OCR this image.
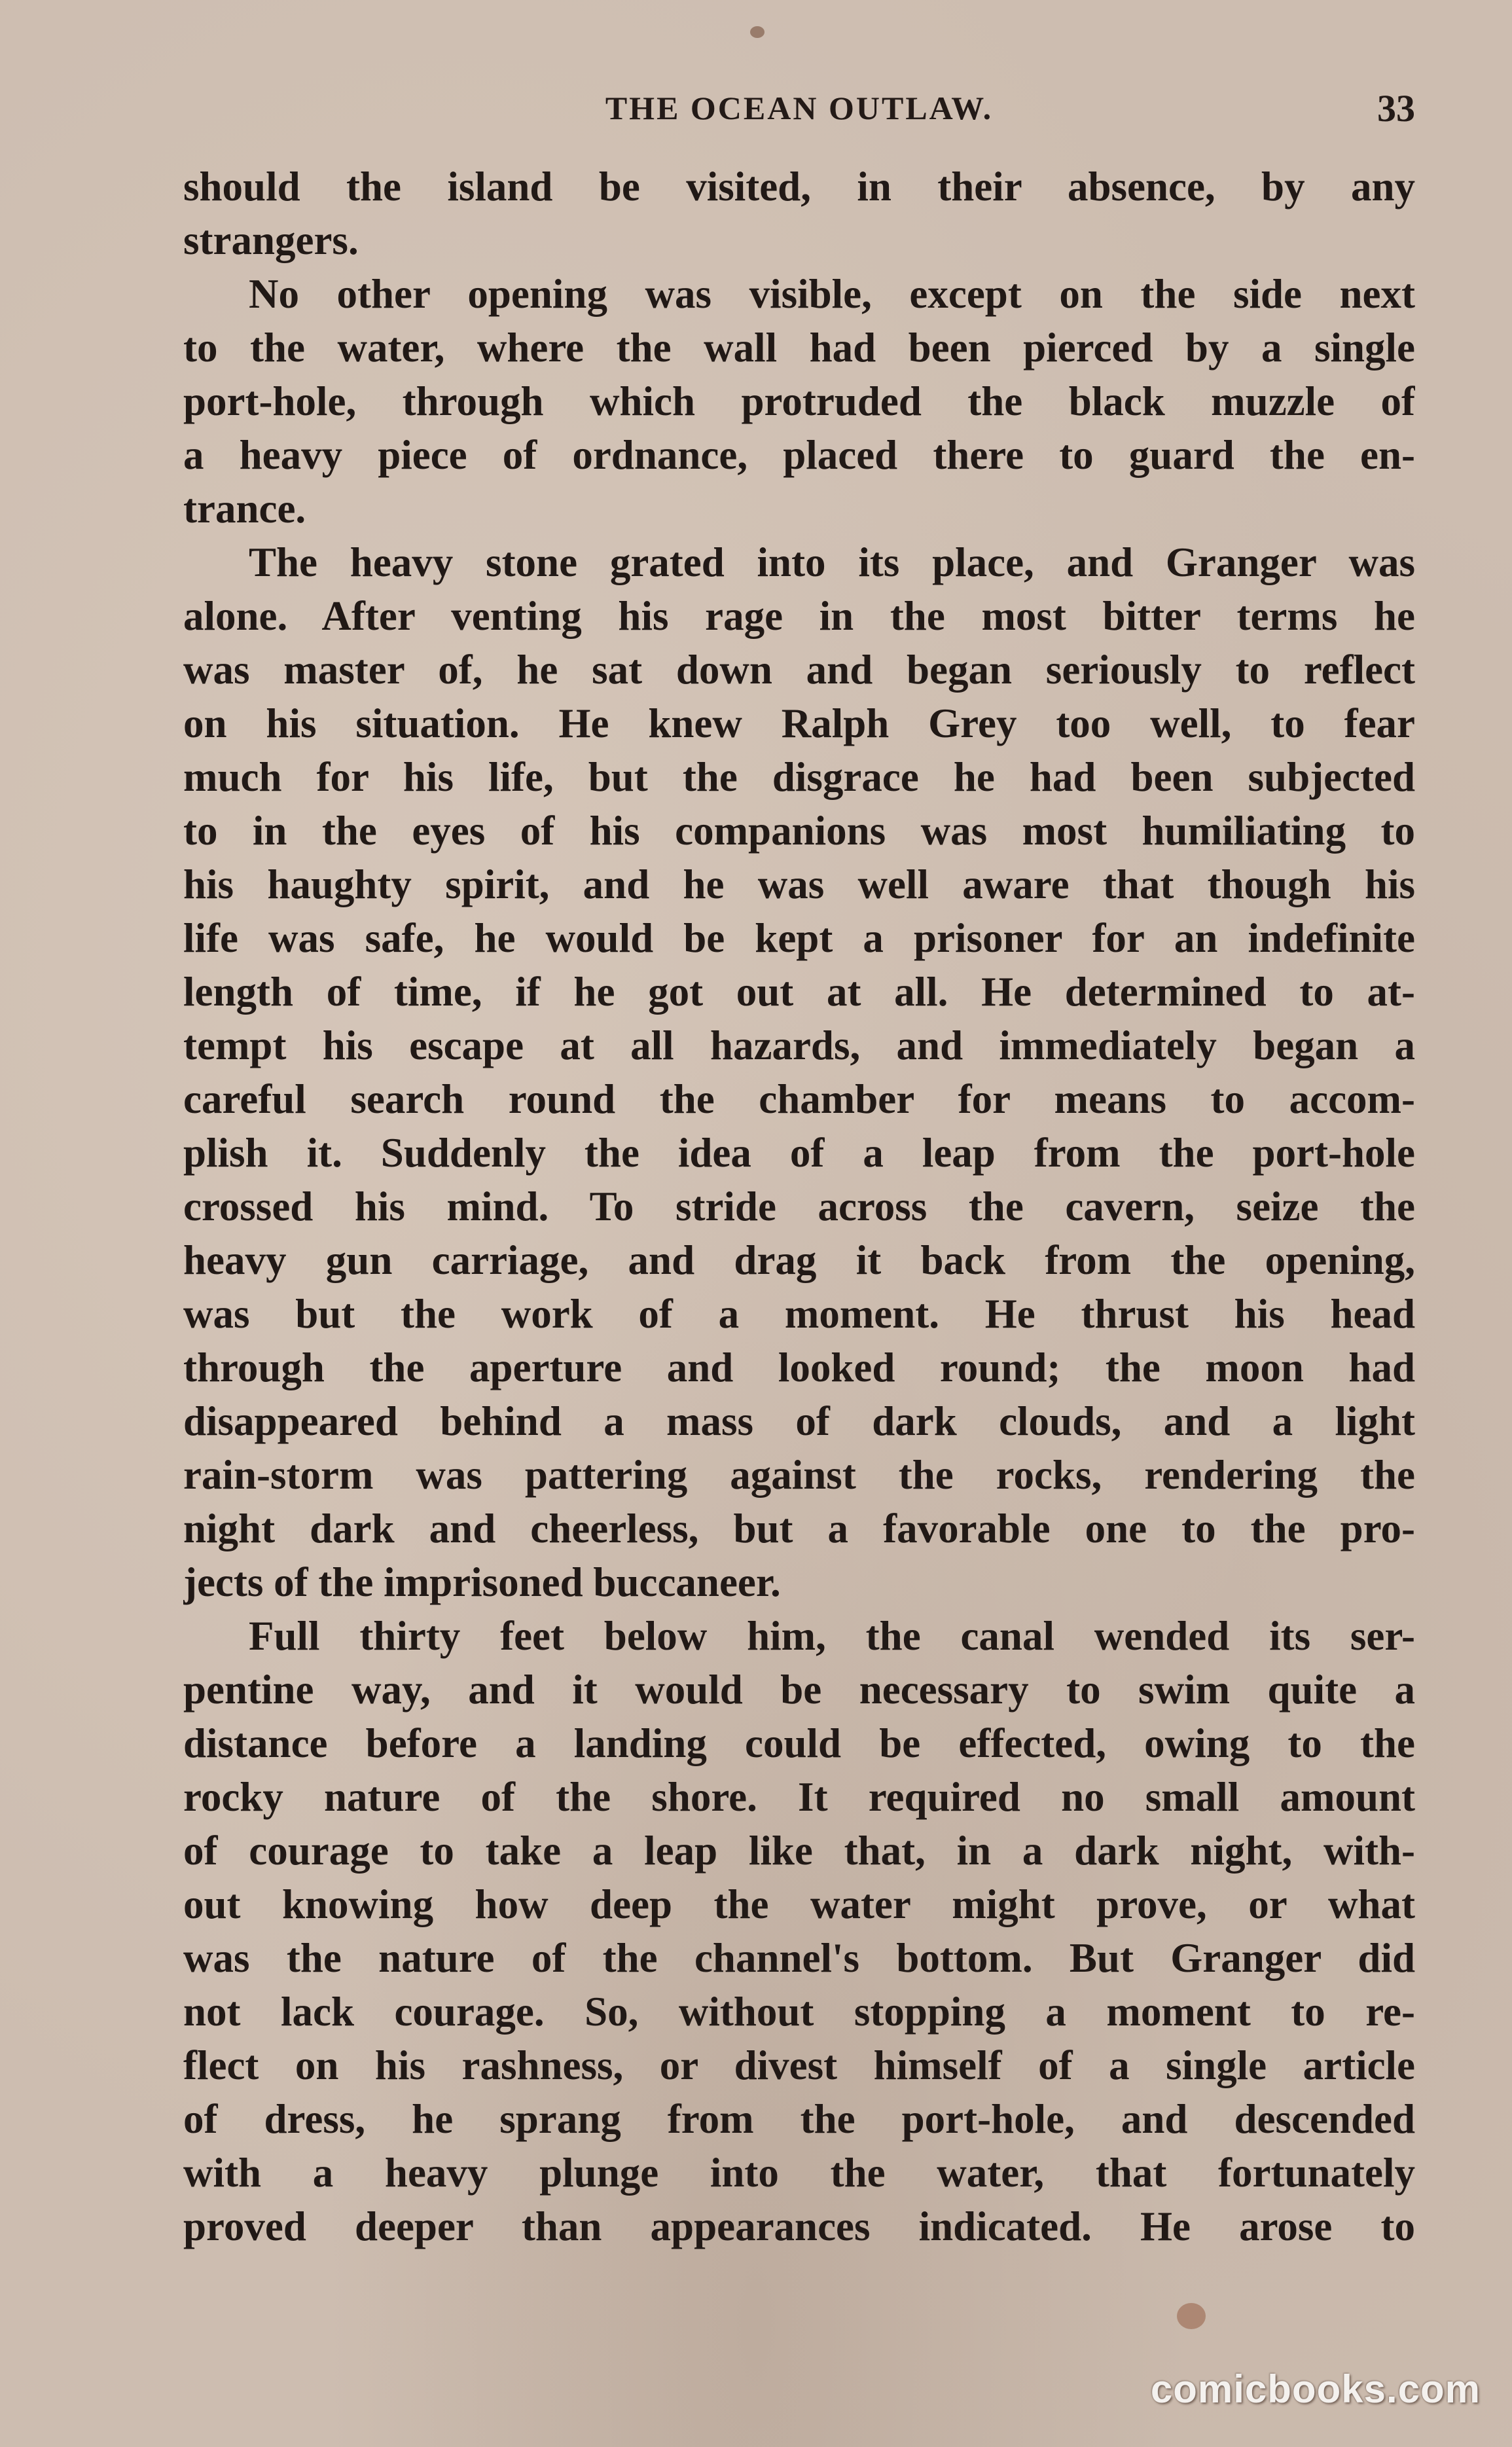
THE OCEAN OUTLAW.	33
should the island be visited, in their absence, by any
strangers.
No other opening was visible, except on the side next
to the water, where the wall had been pierced by a single
port-hole, through which protruded the black muzzle of
a heavy piece of ordnance, placed there to guard the en-
trance.
The heavy stone grated into its place, and Granger was
alone. After venting his rage in the most bitter terms he
was master of, he sat down and began seriously to reflect
on his situation. He knew Ralph Grey too well, to fear
much for his life, but the disgrace he had been subjected
to in the eyes of his companions was most humiliating to
his haughty spirit, and he was well aware that though his
life was safe, he would be kept a prisoner for an indefinite
length of time, if he got out at all. He determined to at-
tempt his escape at all hazards, and immediately began a
careful search round the chamber for means to accom-
plish it. Suddenly the idea of a leap from the port-hole
crossed his mind. To stride across the cavern, seize the
heavy gun carriage, and drag it back from the opening,
was but the work of a moment. He thrust his head
through the aperture and looked round; the moon had
disappeared behind a mass of dark clouds, and a light
rain-storm was pattering against the rocks, rendering the
night dark and cheerless, but a favorable one to the pro-
jects of the imprisoned buccaneer.
Full thirty feet below him, the canal wended its ser-
pentine way, and it would be necessary to swim quite a
distance before a landing could be effected, owing to the
rocky nature of the shore. It required no small amount
of courage to take a leap like that, in a dark night, with-
out knowing how deep the water might prove, or what
was the nature of the channel's bottom. But Granger did
not lack courage. So, without stopping a moment to re-
flect on his rashness, or divest himself of a single article
of dress, he sprang from the port-hole, and descended
with a heavy plunge into the water, that fortunately
proved deeper than appearances indicated. He arose to
comicbooks.com
